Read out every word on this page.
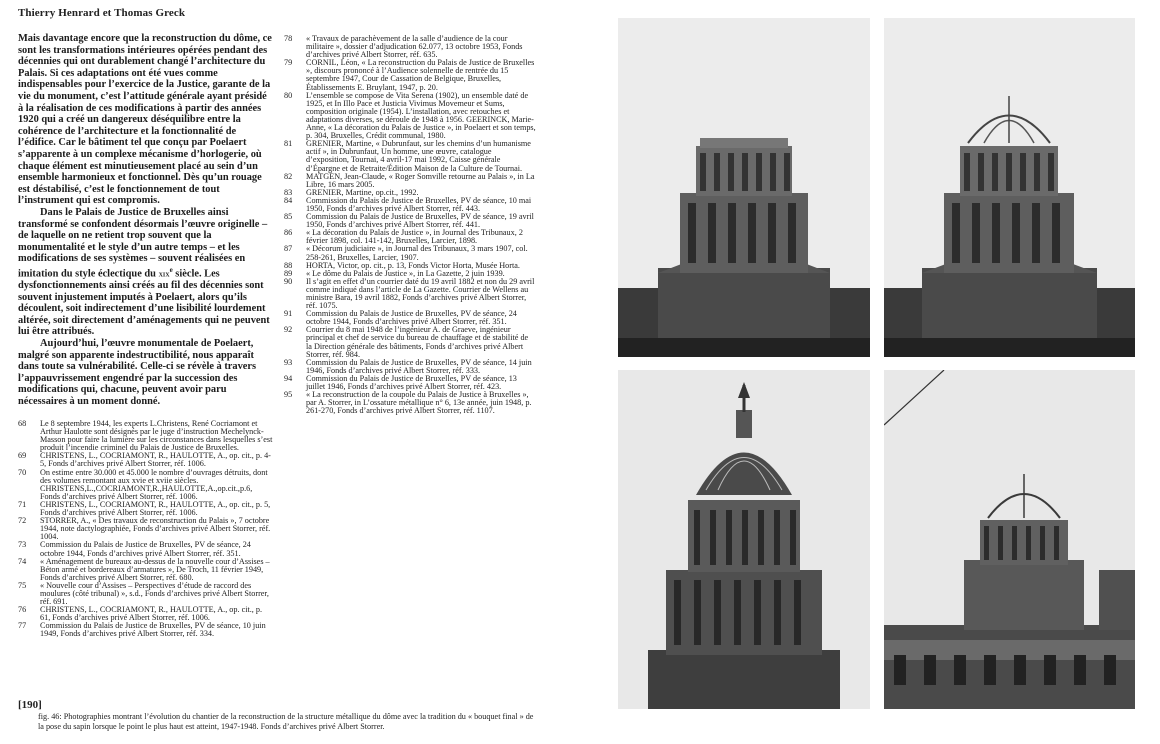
Thierry Henrard et Thomas Greck

Mais davantage encore que la reconstruction du dôme, ce sont les transformations intérieures opérées pendant des décennies qui ont durablement changé l’architecture du Palais. Si ces adaptations ont été vues comme indispensables pour l’exercice de la Justice, garante de la vie du monument, c’est l’attitude générale ayant présidé à la réalisation de ces modifications à partir des années 1920 qui a créé un dangereux déséquilibre entre la cohérence de l’architecture et la fonctionnalité de l’édifice. Car le bâtiment tel que conçu par Poelaert s’apparente à un complexe mécanisme d’horlogerie, où chaque élément est minutieusement placé au sein d’un ensemble harmonieux et fonctionnel. Dès qu’un rouage est déstabilisé, c’est le fonctionnement de tout l’instrument qui est compromis.

Dans le Palais de Justice de Bruxelles ainsi transformé se confondent désormais l’œuvre originelle – de laquelle on ne retient trop souvent que la monumentalité et le style d’un autre temps – et les modifications de ses systèmes – souvent réalisées en imitation du style éclectique du xix$^e$ siècle. Les dysfonctionnements ainsi créés au fil des décennies sont souvent injustement imputés à Poelaert, alors qu’ils découlent, soit indirectement d’une lisibilité lourdement altérée, soit directement d’aménagements qui ne peuvent lui être attribués.

Aujourd’hui, l’œuvre monumentale de Poelaert, malgré son apparente indestructibilité, nous apparaît dans toute sa vulnérabilité. Celle-ci se révèle à travers l’appauvrissement engendré par la succession des modifications qui, chacune, peuvent avoir paru nécessaires à un moment donné.

68	Le 8 septembre 1944, les experts L.Christens, René Cocriamont et Arthur Haulotte sont désignés par le juge d’instruction Mechelynck-Masson pour faire la lumière sur les circonstances dans lesquelles s’est produit l’incendie criminel du Palais de Justice de Bruxelles.
69	CHRISTENS, L., COCRIAMONT, R., HAULOTTE, A., op. cit., p. 4-5, Fonds d’archives privé Albert Storrer, réf. 1006.
70	On estime entre 30.000 et 45.000 le nombre d’ouvrages détruits, dont des volumes remontant aux xvie et xviie siècles. CHRISTENS,L.,COCRIAMONT,R.,HAULOTTE,A.,op.cit.,p.6, Fonds d’archives privé Albert Storrer, réf. 1006.
71	CHRISTENS, L., COCRIAMONT, R., HAULOTTE, A., op. cit., p. 5, Fonds d’archives privé Albert Storrer, réf. 1006.
72	STORRER, A., « Des travaux de reconstruction du Palais », 7 octobre 1944, note dactylographiée, Fonds d’archives privé Albert Storrer, réf. 1004.
73	Commission du Palais de Justice de Bruxelles, PV de séance, 24 octobre 1944, Fonds d’archives privé Albert Storrer, réf. 351.
74	« Aménagement de bureaux au-dessus de la nouvelle cour d’Assises – Béton armé et bordereaux d’armatures », De Troch, 11 février 1949, Fonds d’archives privé Albert Storrer, réf. 680.
75	« Nouvelle cour d’Assises – Perspectives d’étude de raccord des moulures (côté tribunal) », s.d., Fonds d’archives privé Albert Storrer, réf. 691.
76	CHRISTENS, L., COCRIAMONT, R., HAULOTTE, A., op. cit., p. 61, Fonds d’archives privé Albert Storrer, réf. 1006.
77	Commission du Palais de Justice de Bruxelles, PV de séance, 10 juin 1949, Fonds d’archives privé Albert Storrer, réf. 334.
[190]
78	« Travaux de parachèvement de la salle d’audience de la cour militaire », dossier d’adjudication 62.077, 13 octobre 1953, Fonds d’archives privé Albert Storrer, réf. 635.
79	CORNIL, Léon, « La reconstruction du Palais de Justice de Bruxelles », discours prononcé à l’Audience solennelle de rentrée du 15 septembre 1947, Cour de Cassation de Belgique, Bruxelles, Établissements E. Bruylant, 1947, p. 20.
80	L’ensemble se compose de Vita Serena (1902), un ensemble daté de 1925, et In Illo Pace et Justicia Vivimus Movemeur et Sums, composition originale (1954). L’installation, avec retouches et adaptations diverses, se déroule de 1948 à 1956. GEERINCK, Marie-Anne, « La décoration du Palais de Justice », in Poelaert et son temps, p. 304, Bruxelles, Crédit communal, 1980.
81	GRENIER, Martine, « Dubrunfaut, sur les chemins d’un humanisme actif », in Dubrunfaut, Un homme, une œuvre, catalogue d’exposition, Tournai, 4 avril-17 mai 1992, Caisse générale d’Épargne et de Retraite/Édition Maison de la Culture de Tournai.
82	MATGEN, Jean-Claude, « Roger Somville retourne au Palais », in La Libre, 16 mars 2005.
83	GRENIER, Martine, op.cit., 1992.
84	Commission du Palais de Justice de Bruxelles, PV de séance, 10 mai 1950, Fonds d’archives privé Albert Storrer, réf. 443.
85	Commission du Palais de Justice de Bruxelles, PV de séance, 19 avril 1950, Fonds d’archives privé Albert Storrer, réf. 441.
86	« La décoration du Palais de Justice », in Journal des Tribunaux, 2 février 1898, col. 141-142, Bruxelles, Larcier, 1898.
87	« Décorum judiciaire », in Journal des Tribunaux, 3 mars 1907, col. 258-261, Bruxelles, Larcier, 1907.
88	HORTA, Victor, op. cit., p. 13, Fonds Victor Horta, Musée Horta.
89	« Le dôme du Palais de Justice », in La Gazette, 2 juin 1939.
90	Il s’agit en effet d’un courrier daté du 19 avril 1882 et non du 29 avril comme indiqué dans l’article de La Gazette. Courrier de Wellens au ministre Bara, 19 avril 1882, Fonds d’archives privé Albert Storrer, réf. 1075.
91	Commission du Palais de Justice de Bruxelles, PV de séance, 24 octobre 1944, Fonds d’archives privé Albert Storrer, réf. 351.
92	Courrier du 8 mai 1948 de l’ingénieur A. de Graeve, ingénieur principal et chef de service du bureau de chauffage et de stabilité de la Direction générale des bâtiments, Fonds d’archives privé Albert Storrer, réf. 984.
93	Commission du Palais de Justice de Bruxelles, PV de séance, 14 juin 1946, Fonds d’archives privé Albert Storrer, réf. 333.
94	Commission du Palais de Justice de Bruxelles, PV de séance, 13 juillet 1946, Fonds d’archives privé Albert Storrer, réf. 423.
95	« La reconstruction de la coupole du Palais de Justice à Bruxelles », par A. Storrer, in L’ossature métallique n° 6, 13e année, juin 1948, p. 261-270, Fonds d’archives privé Albert Storrer, réf. 1107.
fig. 46: Photographies montrant l’évolution du chantier de la reconstruction de la structure métallique du dôme avec la tradition du « bouquet final » de la pose du sapin lorsque le point le plus haut est atteint, 1947-1948. Fonds d’archives privé Albert Storrer.
